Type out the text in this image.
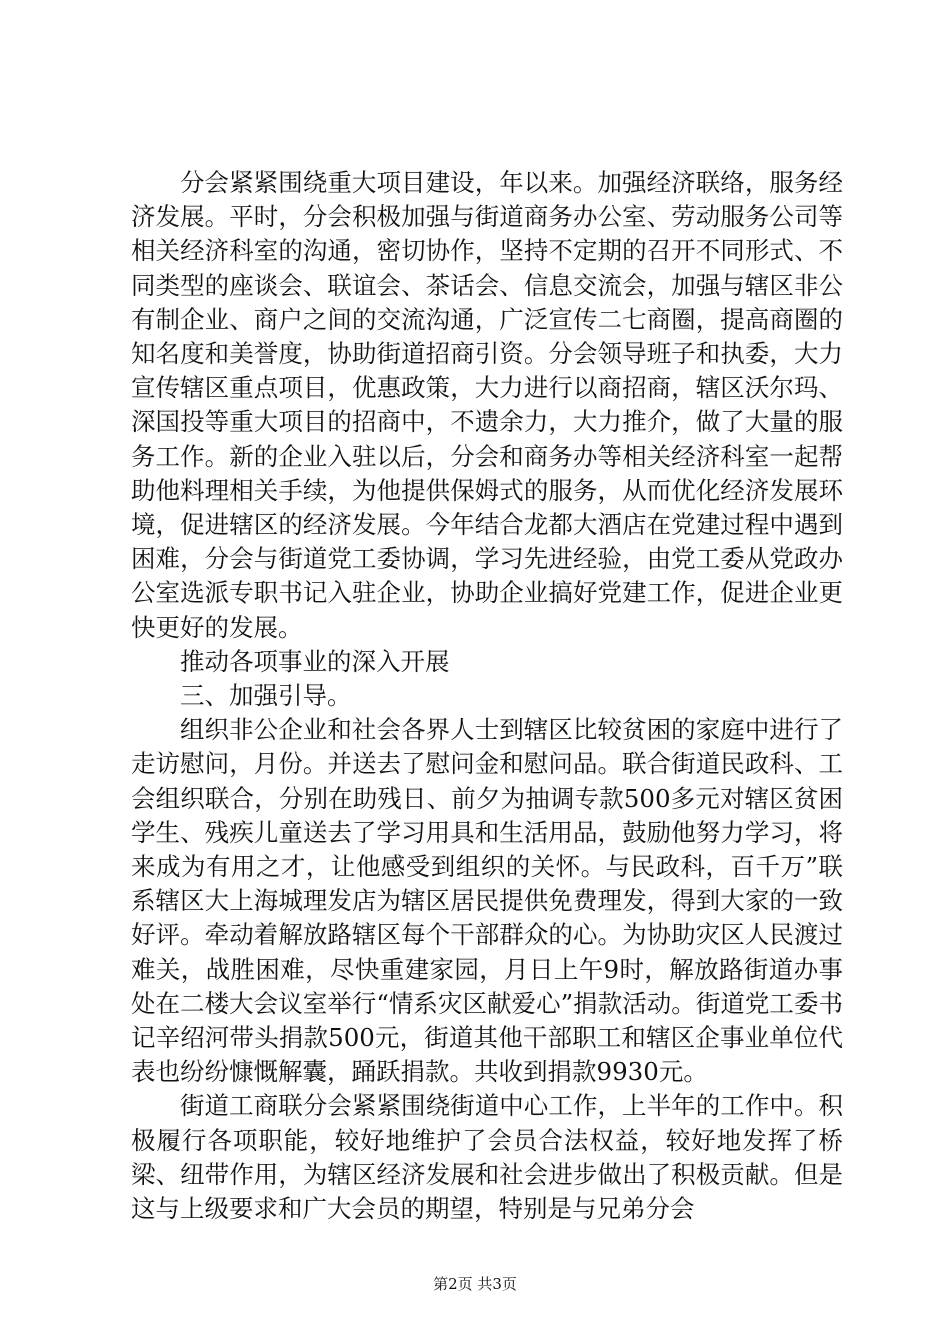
分会紧紧围绕重大项目建设，年以来。加强经济联络，服务经济发展。平时，分会积极加强与街道商务办公室、劳动服务公司等相关经济科室的沟通，密切协作，坚持不定期的召开不同形式、不同类型的座谈会、联谊会、茶话会、信息交流会，加强与辖区非公有制企业、商户之间的交流沟通，广泛宣传二七商圈，提高商圈的知名度和美誉度，协助街道招商引资。分会领导班子和执委，大力宣传辖区重点项目，优惠政策，大力进行以商招商，辖区沃尔玛、深国投等重大项目的招商中，不遗余力，大力推介，做了大量的服务工作。新的企业入驻以后，分会和商务办等相关经济科室一起帮助他料理相关手续，为他提供保姆式的服务，从而优化经济发展环境，促进辖区的经济发展。今年结合龙都大酒店在党建过程中遇到困难，分会与街道党工委协调，学习先进经验，由党工委从党政办公室选派专职书记入驻企业，协助企业搞好党建工作，促进企业更快更好的发展。

推动各项事业的深入开展

三、加强引导。

组织非公企业和社会各界人士到辖区比较贫困的家庭中进行了走访慰问，月份。并送去了慰问金和慰问品。联合街道民政科、工会组织联合，分别在助残日、前夕为抽调专款500多元对辖区贫困学生、残疾儿童送去了学习用具和生活用品，鼓励他努力学习，将来成为有用之才，让他感受到组织的关怀。与民政科，百千万”联系辖区大上海城理发店为辖区居民提供免费理发，得到大家的一致好评。牵动着解放路辖区每个干部群众的心。为协助灾区人民渡过难关，战胜困难，尽快重建家园，月日上午9时，解放路街道办事处在二楼大会议室举行“情系灾区献爱心”捐款活动。街道党工委书记辛绍河带头捐款500元，街道其他干部职工和辖区企事业单位代表也纷纷慷慨解囊，踊跃捐款。共收到捐款9930元。

街道工商联分会紧紧围绕街道中心工作，上半年的工作中。积极履行各项职能，较好地维护了会员合法权益，较好地发挥了桥梁、纽带作用，为辖区经济发展和社会进步做出了积极贡献。但是这与上级要求和广大会员的期望，特别是与兄弟分会

第2页 共3页
